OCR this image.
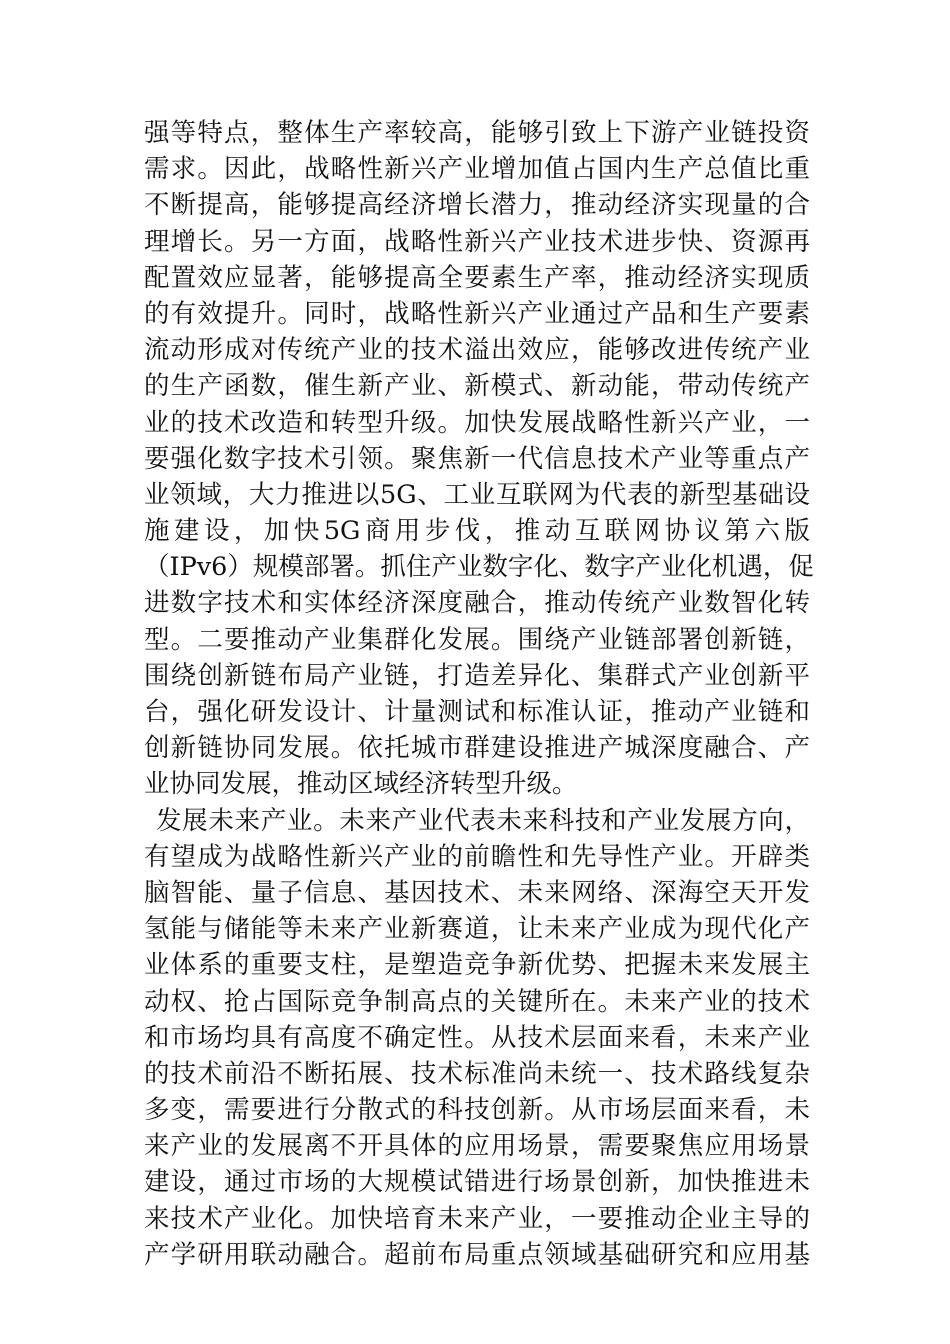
强等特点，整体生产率较高，能够引致上下游产业链投资
需求。因此，战略性新兴产业增加值占国内生产总值比重
不断提高，能够提高经济增长潜力，推动经济实现量的合
理增长。另一方面，战略性新兴产业技术进步快、资源再
配置效应显著，能够提高全要素生产率，推动经济实现质
的有效提升。同时，战略性新兴产业通过产品和生产要素
流动形成对传统产业的技术溢出效应，能够改进传统产业
的生产函数，催生新产业、新模式、新动能，带动传统产
业的技术改造和转型升级。加快发展战略性新兴产业，一
要强化数字技术引领。聚焦新一代信息技术产业等重点产
业领域，大力推进以5G、工业互联网为代表的新型基础设
施建设，加快5G商用步伐，推动互联网协议第六版
（IPv6）规模部署。抓住产业数字化、数字产业化机遇，促
进数字技术和实体经济深度融合，推动传统产业数智化转
型。二要推动产业集群化发展。围绕产业链部署创新链，
围绕创新链布局产业链，打造差异化、集群式产业创新平
台，强化研发设计、计量测试和标准认证，推动产业链和
创新链协同发展。依托城市群建设推进产城深度融合、产
业协同发展，推动区域经济转型升级。
发展未来产业。未来产业代表未来科技和产业发展方向，
有望成为战略性新兴产业的前瞻性和先导性产业。开辟类
脑智能、量子信息、基因技术、未来网络、深海空天开发
氢能与储能等未来产业新赛道，让未来产业成为现代化产
业体系的重要支柱，是塑造竞争新优势、把握未来发展主
动权、抢占国际竞争制高点的关键所在。未来产业的技术
和市场均具有高度不确定性。从技术层面来看，未来产业
的技术前沿不断拓展、技术标准尚未统一、技术路线复杂
多变，需要进行分散式的科技创新。从市场层面来看，未
来产业的发展离不开具体的应用场景，需要聚焦应用场景
建设，通过市场的大规模试错进行场景创新，加快推进未
来技术产业化。加快培育未来产业，一要推动企业主导的
产学研用联动融合。超前布局重点领域基础研究和应用基
